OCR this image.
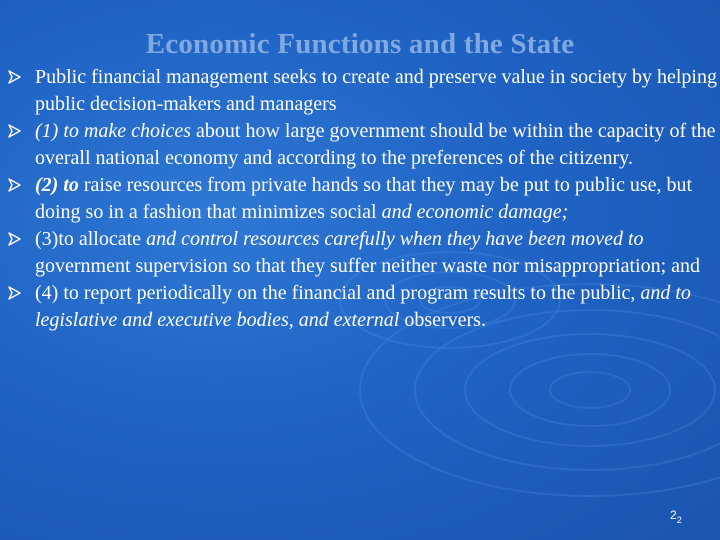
Economic Functions and the State
Public financial management seeks to create and preserve value in society by helping public decision-makers and managers
(1) to make choices about how large government should be within the capacity of the overall national economy and according to the preferences of the citizenry.
(2) to raise resources from private hands so that they may be put to public use, but doing so in a fashion that minimizes social and economic damage;
(3)to allocate and control resources carefully when they have been moved to government supervision so that they suffer neither waste nor misappropriation; and
(4) to report periodically on the financial and program results to the public, and to legislative and executive bodies, and external observers.
$2_2$
